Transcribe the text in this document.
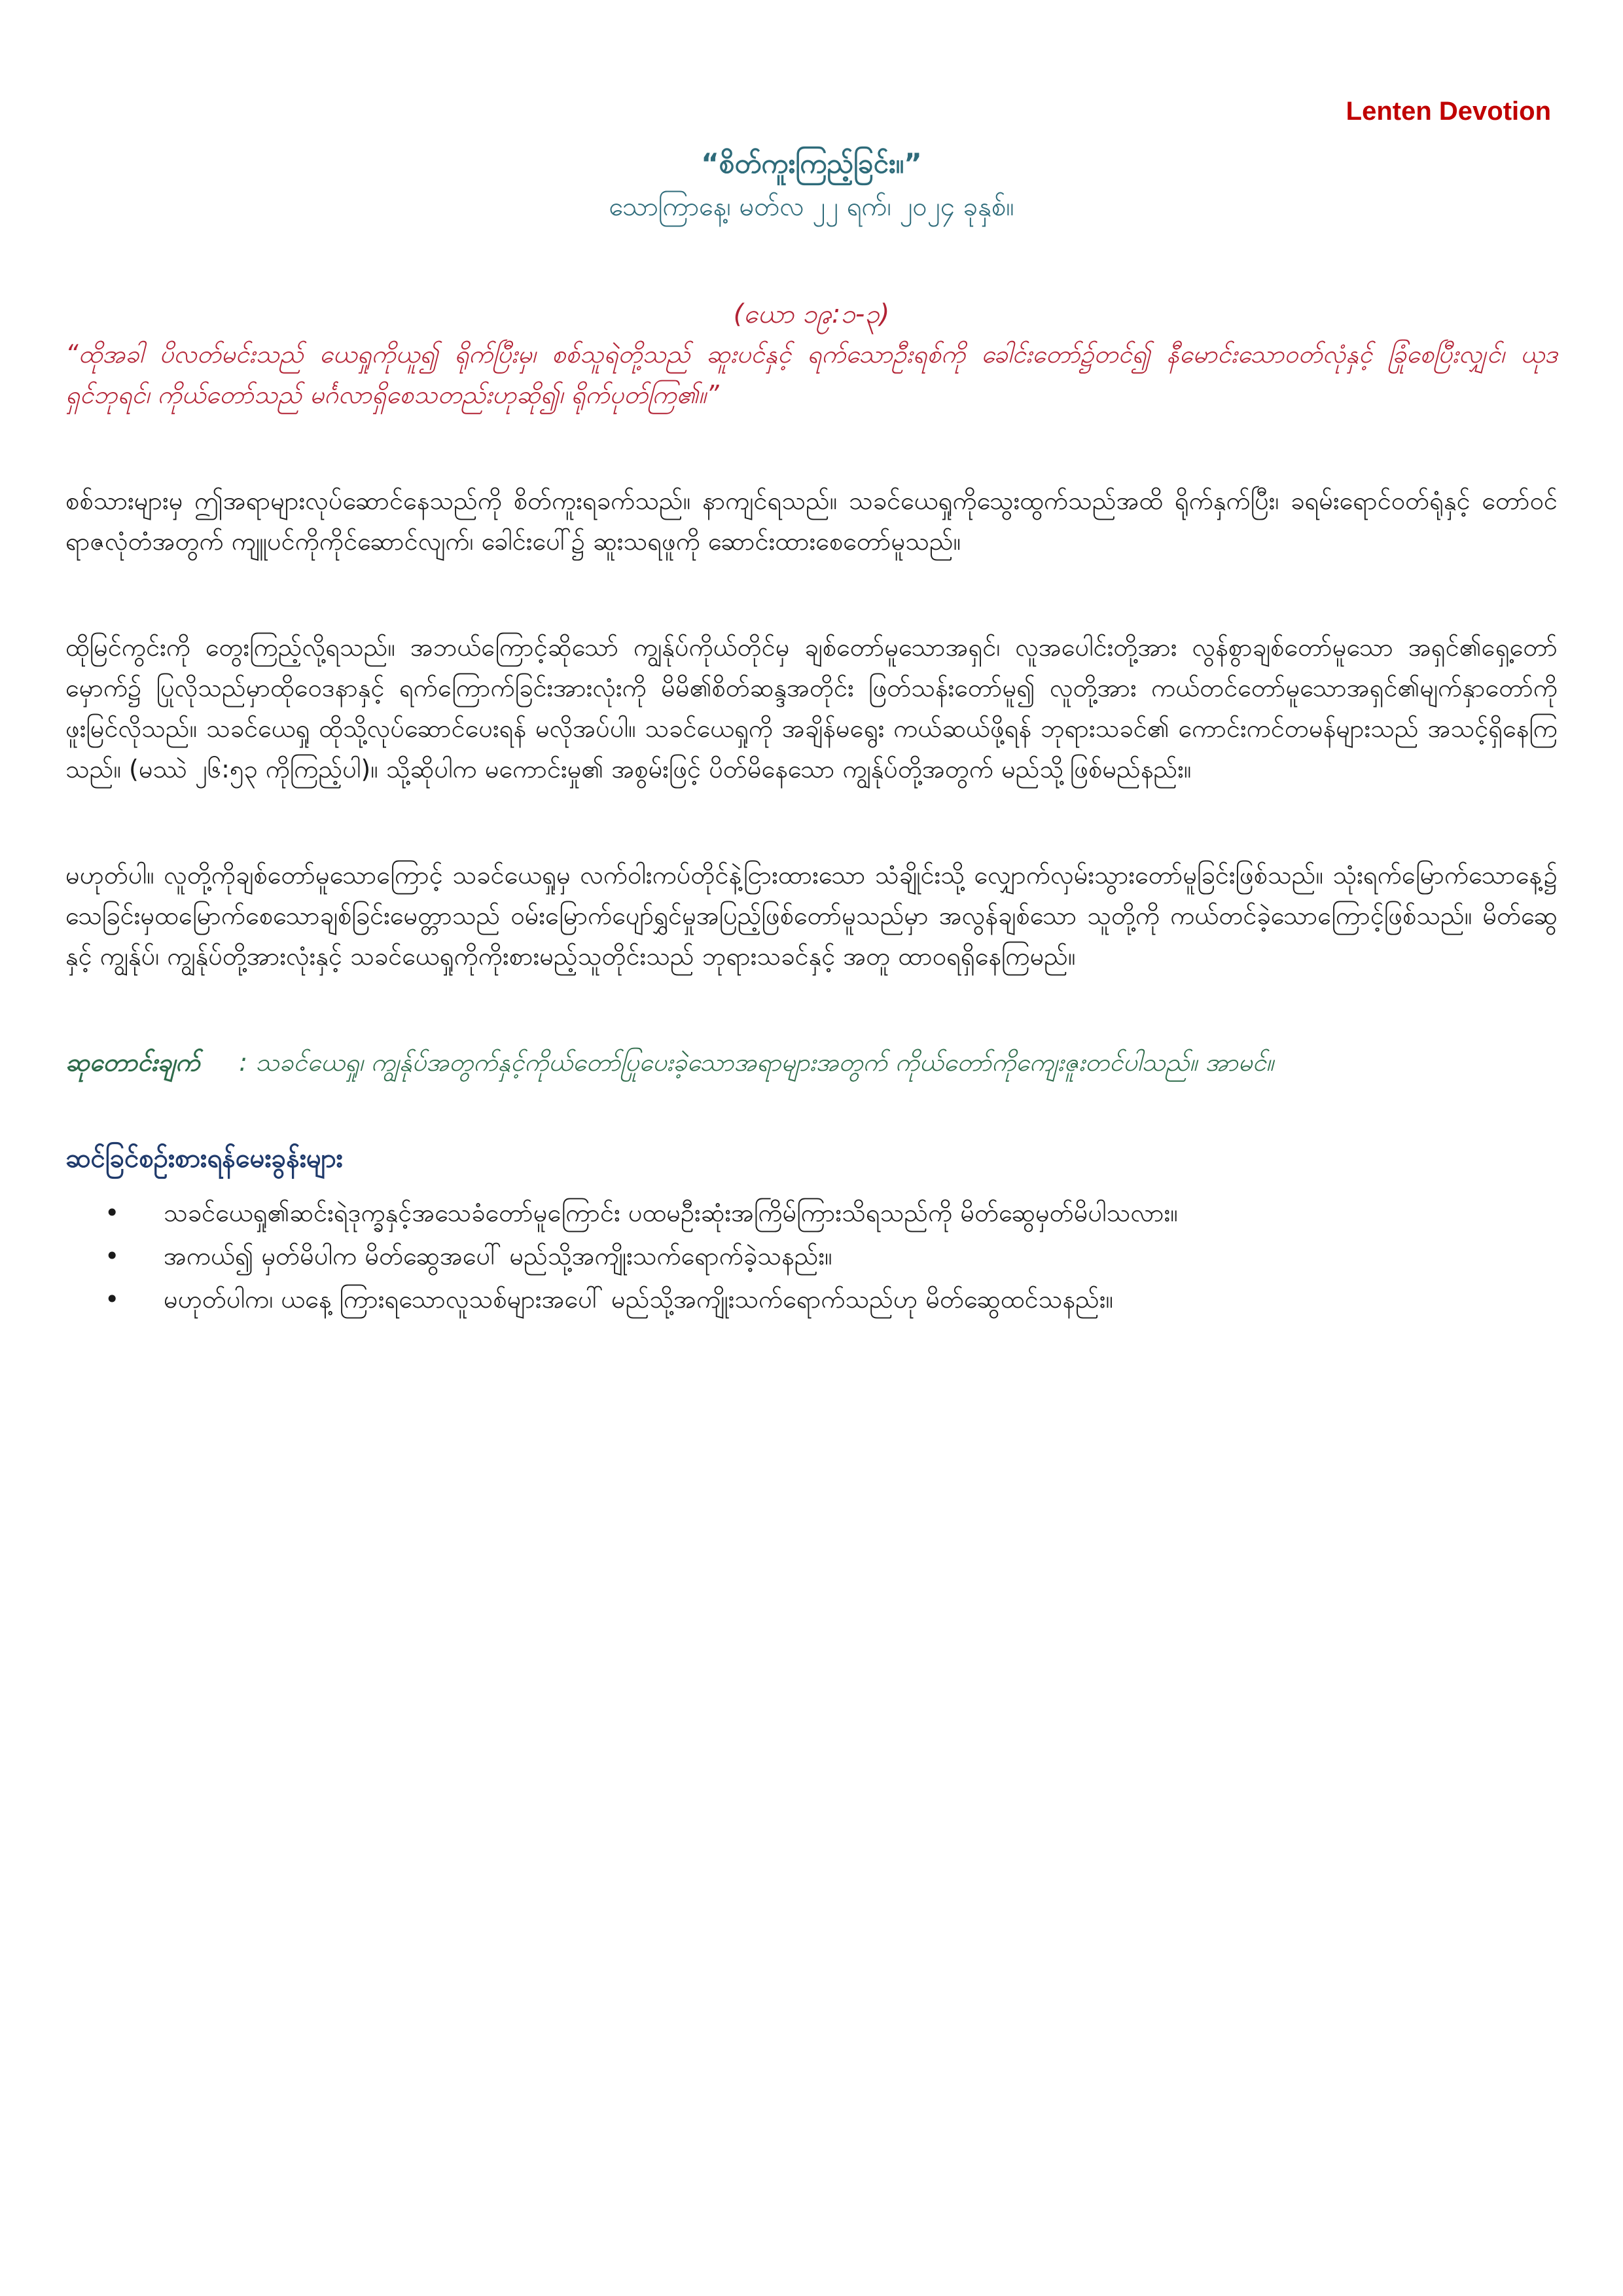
Lenten Devotion

“စိတ်ကူးကြည့်ခြင်း။”

သောကြာနေ့၊ မတ်လ ၂၂ ရက်၊ ၂၀၂၄ ခုနှစ်။

(ယော ၁၉:၁-၃)

“ထိုအခါ ပိလတ်မင်းသည် ယေရှုကိုယူ၍ ရိုက်ပြီးမှ၊ စစ်သူရဲတို့သည် ဆူးပင်နှင့် ရက်သောဦးရစ်ကို ခေါင်းတော်၌တင်၍ နီမောင်းသောဝတ်လုံနှင့် ခြုံစေပြီးလျှင်၊ ယုဒရှင်ဘုရင်၊ ကိုယ်တော်သည် မင်္ဂလာရှိစေသတည်းဟုဆို၍၊ ရိုက်ပုတ်ကြ၏။”

စစ်သားများမှ ဤအရာများလုပ်ဆောင်နေသည်ကို စိတ်ကူးရခက်သည်။ နာကျင်ရသည်။ သခင်ယေရှုကိုသွေးထွက်သည်အထိ ရိုက်နှက်ပြီး၊ ခရမ်းရောင်ဝတ်ရုံနှင့် တော်ဝင်ရာဇလုံတံအတွက် ကျူပင်ကိုကိုင်ဆောင်လျက်၊ ခေါင်းပေါ်၌ ဆူးသရဖူကို ဆောင်းထားစေတော်မူသည်။

ထိုမြင်ကွင်းကို တွေးကြည့်လို့ရသည်။ အဘယ်ကြောင့်ဆိုသော် ကျွန်ုပ်ကိုယ်တိုင်မှ ချစ်တော်မူသောအရှင်၊ လူအပေါင်းတို့အား လွန်စွာချစ်တော်မူသော အရှင်၏ရှေ့တော်မှောက်၌ ပြုလိုသည်မှာထိုဝေဒနာနှင့် ရက်ကြောက်ခြင်းအားလုံးကို မိမိ၏စိတ်ဆန္ဒအတိုင်း ဖြတ်သန်းတော်မူ၍ လူတို့အား ကယ်တင်တော်မူသောအရှင်၏မျက်နှာတော်ကို ဖူးမြင်လိုသည်။ သခင်ယေရှု ထိုသို့လုပ်ဆောင်ပေးရန် မလိုအပ်ပါ။ သခင်ယေရှုကို အချိန်မရွေး ကယ်ဆယ်ဖို့ရန် ဘုရားသခင်၏ ကောင်းကင်တမန်များသည် အသင့်ရှိနေကြသည်။ (မဿဲ ၂၆:၅၃ ကိုကြည့်ပါ)။ သို့ဆိုပါက မကောင်းမှု၏ အစွမ်းဖြင့် ပိတ်မိနေသော ကျွန်ုပ်တို့အတွက် မည်သို့ဖြစ်မည်နည်း။

မဟုတ်ပါ။ လူတို့ကိုချစ်တော်မူသောကြောင့် သခင်ယေရှုမှ လက်ဝါးကပ်တိုင်နဲ့ငြားထားသော သံချိုင်းသို့ လျှောက်လှမ်းသွားတော်မူခြင်းဖြစ်သည်။ သုံးရက်မြောက်သောနေ့၌ သေခြင်းမှထမြောက်စေသောချစ်ခြင်းမေတ္တာသည် ဝမ်းမြောက်ပျော်ရွှင်မှုအပြည့်ဖြစ်တော်မူသည်မှာ အလွန်ချစ်သော သူတို့ကို ကယ်တင်ခဲ့သောကြောင့်ဖြစ်သည်။ မိတ်ဆွေနှင့် ကျွန်ုပ်၊ ကျွန်ုပ်တို့အားလုံးနှင့် သခင်ယေရှုကိုကိုးစားမည့်သူတိုင်းသည် ဘုရားသခင်နှင့် အတူ ထာဝရရှိနေကြမည်။

ဆုတောင်းချက် : သခင်ယေရှု၊ ကျွန်ုပ်အတွက်နှင့်ကိုယ်တော်ပြုပေးခဲ့သောအရာများအတွက် ကိုယ်တော်ကိုကျေးဇူးတင်ပါသည်။ အာမင်။

ဆင်ခြင်စဉ်းစားရန်မေးခွန်းများ

• သခင်ယေရှု၏ဆင်းရဲဒုက္ခနှင့်အသေခံတော်မူကြောင်း ပထမဦးဆုံးအကြိမ်ကြားသိရသည်ကို မိတ်ဆွေမှတ်မိပါသလား။
• အကယ်၍ မှတ်မိပါက မိတ်ဆွေအပေါ် မည်သို့အကျိုးသက်ရောက်ခဲ့သနည်း။
• မဟုတ်ပါက၊ ယနေ့ ကြားရသောလူသစ်များအပေါ် မည်သို့အကျိုးသက်ရောက်သည်ဟု မိတ်ဆွေထင်သနည်း။
